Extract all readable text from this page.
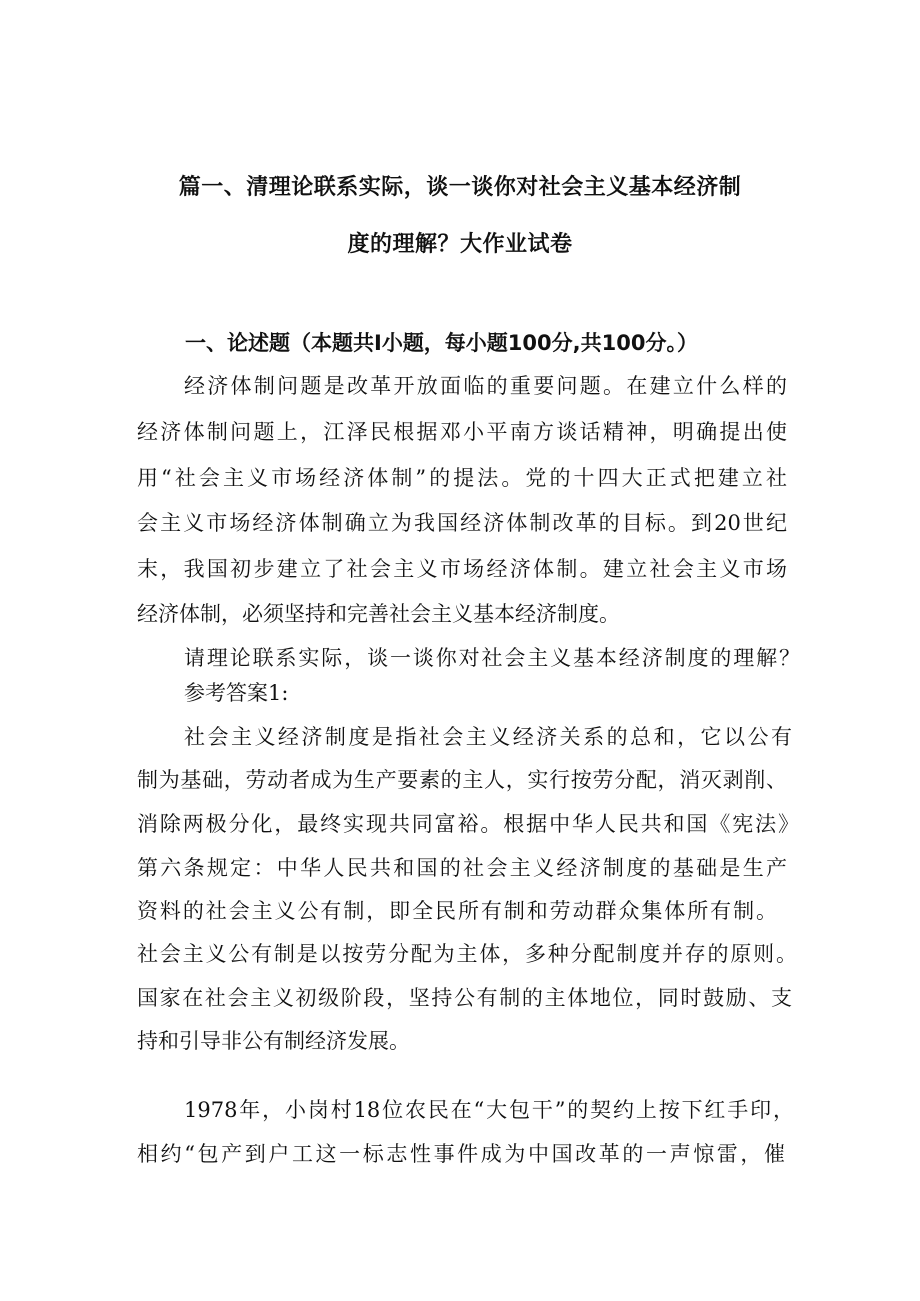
篇一、清理论联系实际，谈一谈你对社会主义基本经济制
度的理解？大作业试卷
一、论述题（本题共I小题，每小题100分,共100分。）
经济体制问题是改革开放面临的重要问题。在建立什么样的
经济体制问题上，江泽民根据邓小平南方谈话精神，明确提出使
用“社会主义市场经济体制”的提法。党的十四大正式把建立社
会主义市场经济体制确立为我国经济体制改革的目标。到20世纪
末，我国初步建立了社会主义市场经济体制。建立社会主义市场
经济体制，必须坚持和完善社会主义基本经济制度。
请理论联系实际，谈一谈你对社会主义基本经济制度的理解？
参考答案1:
社会主义经济制度是指社会主义经济关系的总和，它以公有
制为基础，劳动者成为生产要素的主人，实行按劳分配，消灭剥削、
消除两极分化，最终实现共同富裕。根据中华人民共和国《宪法》
第六条规定：中华人民共和国的社会主义经济制度的基础是生产
资料的社会主义公有制，即全民所有制和劳动群众集体所有制。
社会主义公有制是以按劳分配为主体，多种分配制度并存的原则。
国家在社会主义初级阶段，坚持公有制的主体地位，同时鼓励、支
持和引导非公有制经济发展。
1978年，小岗村18位农民在“大包干”的契约上按下红手印，
相约“包产到户工这一标志性事件成为中国改革的一声惊雷，催
